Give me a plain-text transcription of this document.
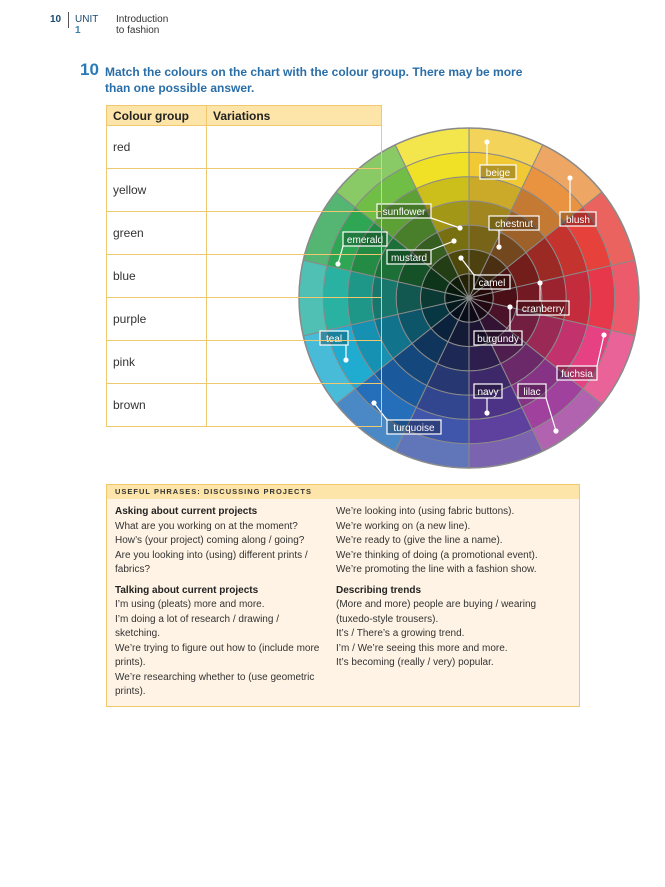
10 UNIT 1
Introduction to fashion
10 Match the colours on the chart with the colour group. There may be more than one possible answer.
beige
blush
chestnut
sunflower
emerald
mustard
camel
cranberry
teal	burgundy
fuchsia
navy lilac
turquoise
Colour group	Variations
red	
yellow	
green	
blue	
purple	
pink	
brown	
USEFUL PHRASES: DISCUSSING PROJECTS
Asking about current projects
What are you working on at the moment?
How’s (your project) coming along / going?
Are you looking into (using) different prints /
fabrics?
Talking about current projects
I’m using (pleats) more and more.
I’m doing a lot of research / drawing /
sketching.
We’re trying to figure out how to (include more
prints).
We’re researching whether to (use geometric
prints).
We’re looking into (using fabric buttons).
We’re working on (a new line).
We’re ready to (give the line a name).
We’re thinking of doing (a promotional event).
We’re promoting the line with a fashion show.
Describing trends
(More and more) people are buying / wearing
(tuxedo-style trousers).
It’s / There’s a growing trend.
I’m / We’re seeing this more and more.
It’s becoming (really / very) popular.
